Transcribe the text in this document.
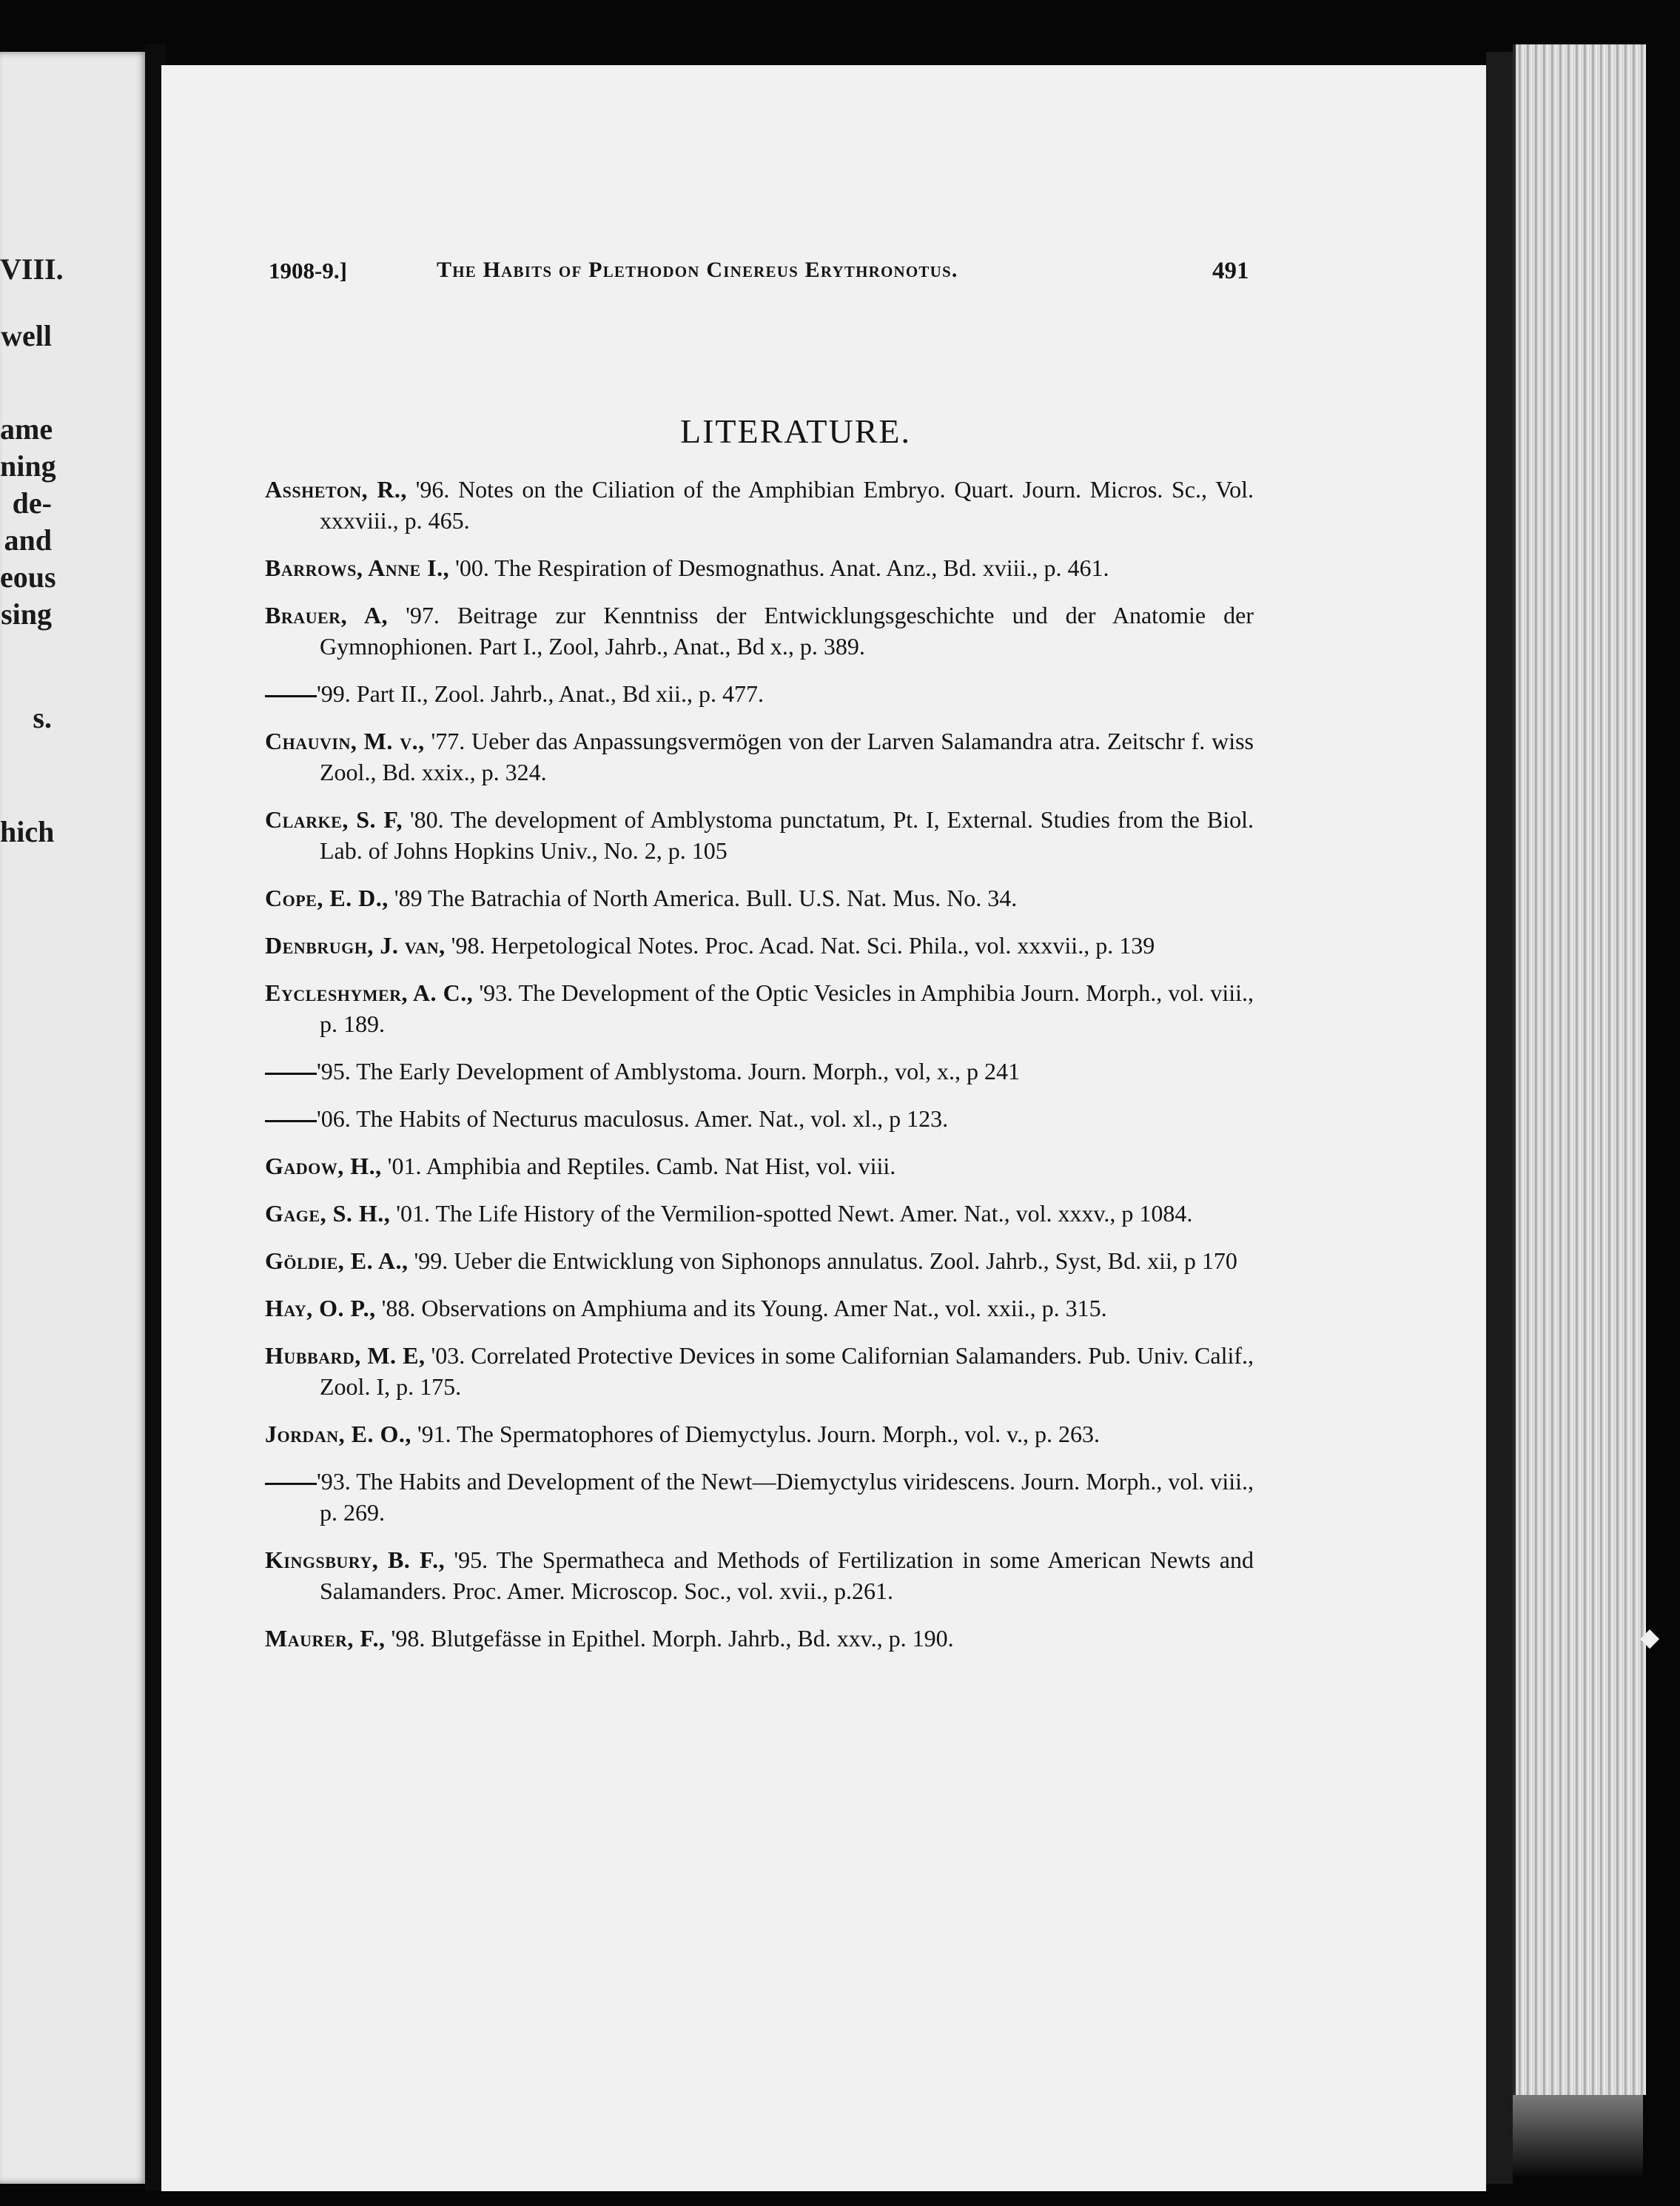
VIII.
well
ame
ning
de-
and
eous
sing
s.
hich
◆
1908-9.]	The Habits of Plethodon Cinereus Erythronotus.	491
LITERATURE.
Assheton, R., '96. Notes on the Ciliation of the Amphibian Embryo. Quart. Journ. Micros. Sc., Vol. xxxviii., p. 465.
Barrows, Anne I., '00. The Respiration of Desmognathus. Anat. Anz., Bd. xviii., p. 461.
Brauer, A, '97. Beitrage zur Kenntniss der Entwicklungsgeschichte und der Anatomie der Gymnophionen. Part I., Zool, Jahrb., Anat., Bd x., p. 389.
'99. Part II., Zool. Jahrb., Anat., Bd xii., p. 477.
Chauvin, M. v., '77. Ueber das Anpassungsvermögen von der Larven Salamandra atra. Zeitschr f. wiss Zool., Bd. xxix., p. 324.
Clarke, S. F, '80. The development of Amblystoma punctatum, Pt. I, External. Studies from the Biol. Lab. of Johns Hopkins Univ., No. 2, p. 105
Cope, E. D., '89 The Batrachia of North America. Bull. U.S. Nat. Mus. No. 34.
Denbrugh, J. van, '98. Herpetological Notes. Proc. Acad. Nat. Sci. Phila., vol. xxxvii., p. 139
Eycleshymer, A. C., '93. The Development of the Optic Vesicles in Amphibia Journ. Morph., vol. viii., p. 189.
'95. The Early Development of Amblystoma. Journ. Morph., vol, x., p 241
'06. The Habits of Necturus maculosus. Amer. Nat., vol. xl., p 123.
Gadow, H., '01. Amphibia and Reptiles. Camb. Nat Hist, vol. viii.
Gage, S. H., '01. The Life History of the Vermilion-spotted Newt. Amer. Nat., vol. xxxv., p 1084.
Göldie, E. A., '99. Ueber die Entwicklung von Siphonops annulatus. Zool. Jahrb., Syst, Bd. xii, p 170
Hay, O. P., '88. Observations on Amphiuma and its Young. Amer Nat., vol. xxii., p. 315.
Hubbard, M. E, '03. Correlated Protective Devices in some Californian Salamanders. Pub. Univ. Calif., Zool. I, p. 175.
Jordan, E. O., '91. The Spermatophores of Diemyctylus. Journ. Morph., vol. v., p. 263.
'93. The Habits and Development of the Newt—Diemyctylus viridescens. Journ. Morph., vol. viii., p. 269.
Kingsbury, B. F., '95. The Spermatheca and Methods of Fertilization in some American Newts and Salamanders. Proc. Amer. Microscop. Soc., vol. xvii., p.261.
Maurer, F., '98. Blutgefässe in Epithel. Morph. Jahrb., Bd. xxv., p. 190.
